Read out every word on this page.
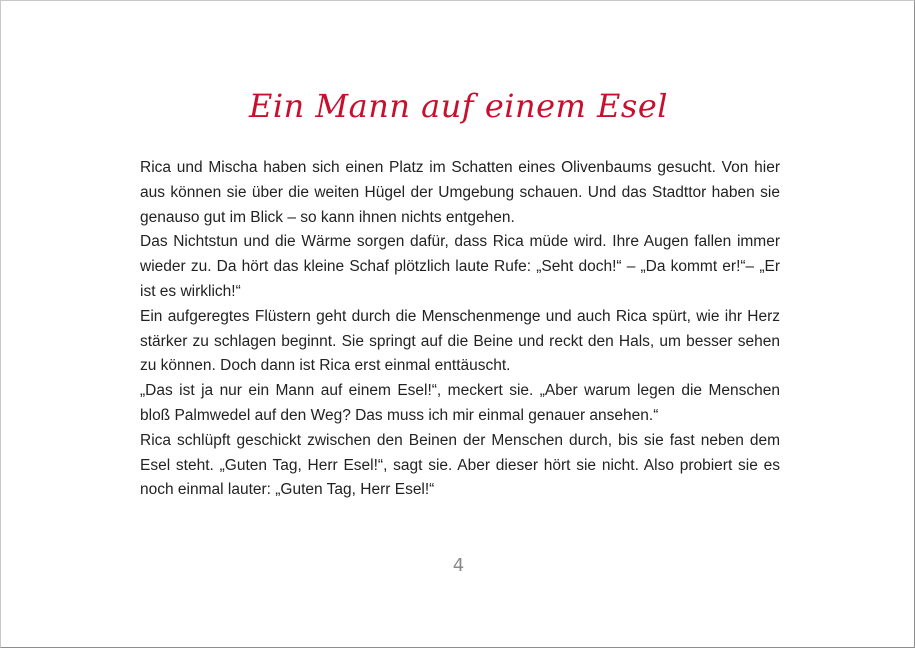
Ein Mann auf einem Esel

Rica und Mischa haben sich einen Platz im Schatten eines Olivenbaums gesucht. Von hier aus können sie über die weiten Hügel der Umgebung schauen. Und das Stadttor haben sie genauso gut im Blick – so kann ihnen nichts entgehen.

Das Nichtstun und die Wärme sorgen dafür, dass Rica müde wird. Ihre Augen fallen immer wieder zu. Da hört das kleine Schaf plötzlich laute Rufe: „Seht doch!“ – „Da kommt er!“– „Er ist es wirklich!“

Ein aufgeregtes Flüstern geht durch die Menschenmenge und auch Rica spürt, wie ihr Herz stärker zu schlagen beginnt. Sie springt auf die Beine und reckt den Hals, um besser sehen zu können. Doch dann ist Rica erst einmal enttäuscht.

„Das ist ja nur ein Mann auf einem Esel!“, meckert sie. „Aber warum legen die Menschen bloß Palmwedel auf den Weg? Das muss ich mir einmal genauer ansehen.“

Rica schlüpft geschickt zwischen den Beinen der Menschen durch, bis sie fast neben dem Esel steht. „Guten Tag, Herr Esel!“, sagt sie. Aber dieser hört sie nicht. Also probiert sie es noch einmal lauter: „Guten Tag, Herr Esel!“

4
